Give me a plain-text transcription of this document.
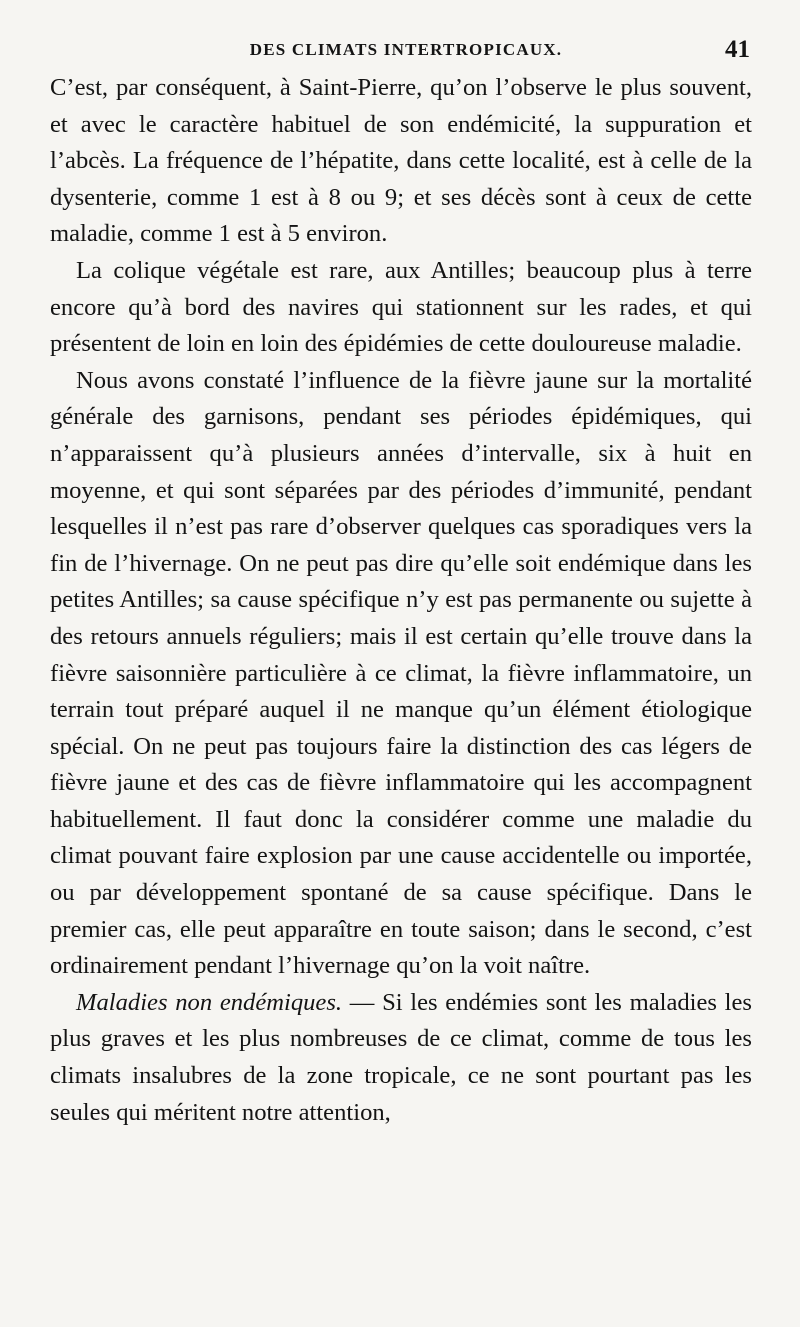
DES CLIMATS INTERTROPICAUX.	41

C’est, par conséquent, à Saint-Pierre, qu’on l’observe le plus souvent, et avec le caractère habituel de son endémicité, la suppuration et l’abcès. La fréquence de l’hépatite, dans cette localité, est à celle de la dysenterie, comme 1 est à 8 ou 9; et ses décès sont à ceux de cette maladie, comme 1 est à 5 environ.

La colique végétale est rare, aux Antilles; beaucoup plus à terre encore qu’à bord des navires qui stationnent sur les rades, et qui présentent de loin en loin des épidémies de cette douloureuse maladie.

Nous avons constaté l’influence de la fièvre jaune sur la mortalité générale des garnisons, pendant ses périodes épidémiques, qui n’apparaissent qu’à plusieurs années d’intervalle, six à huit en moyenne, et qui sont séparées par des périodes d’immunité, pendant lesquelles il n’est pas rare d’observer quelques cas sporadiques vers la fin de l’hivernage. On ne peut pas dire qu’elle soit endémique dans les petites Antilles; sa cause spécifique n’y est pas permanente ou sujette à des retours annuels réguliers; mais il est certain qu’elle trouve dans la fièvre saisonnière particulière à ce climat, la fièvre inflammatoire, un terrain tout préparé auquel il ne manque qu’un élément étiologique spécial. On ne peut pas toujours faire la distinction des cas légers de fièvre jaune et des cas de fièvre inflammatoire qui les accompagnent habituellement. Il faut donc la considérer comme une maladie du climat pouvant faire explosion par une cause accidentelle ou importée, ou par développement spontané de sa cause spécifique. Dans le premier cas, elle peut apparaître en toute saison; dans le second, c’est ordinairement pendant l’hivernage qu’on la voit naître.

Maladies non endémiques. — Si les endémies sont les maladies les plus graves et les plus nombreuses de ce climat, comme de tous les climats insalubres de la zone tropicale, ce ne sont pourtant pas les seules qui méritent notre attention,
